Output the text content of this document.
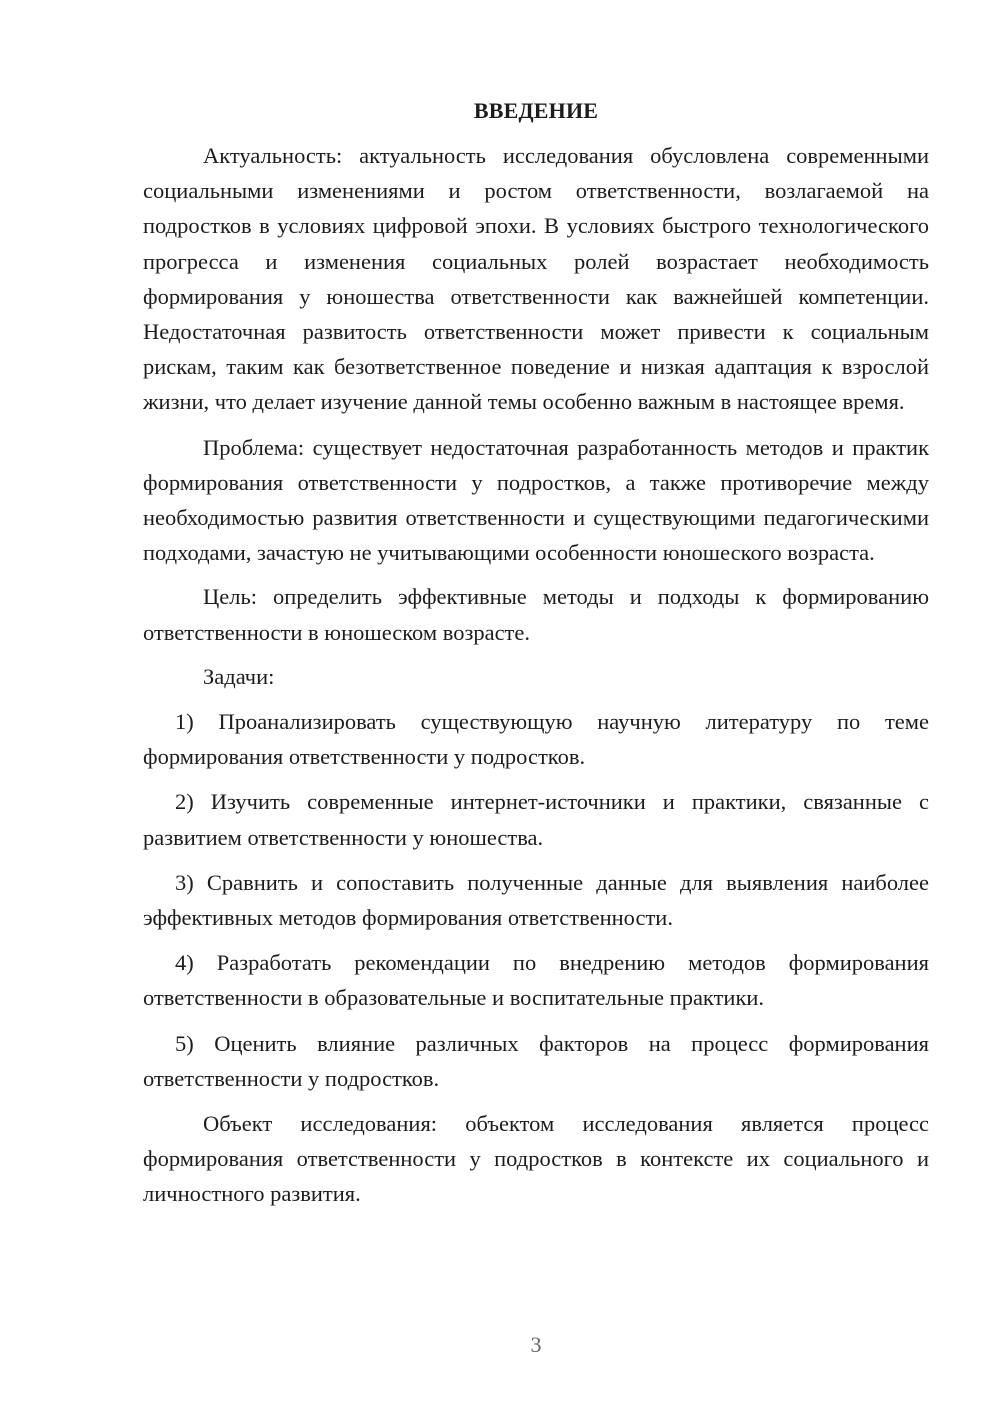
ВВЕДЕНИЕ

Актуальность: актуальность исследования обусловлена современными социальными изменениями и ростом ответственности, возлагаемой на подростков в условиях цифровой эпохи. В условиях быстрого технологического прогресса и изменения социальных ролей возрастает необходимость формирования у юношества ответственности как важнейшей компетенции. Недостаточная развитость ответственности может привести к социальным рискам, таким как безответственное поведение и низкая адаптация к взрослой жизни, что делает изучение данной темы особенно важным в настоящее время.

Проблема: существует недостаточная разработанность методов и практик формирования ответственности у подростков, а также противоречие между необходимостью развития ответственности и существующими педагогическими подходами, зачастую не учитывающими особенности юношеского возраста.

Цель: определить эффективные методы и подходы к формированию ответственности в юношеском возрасте.

Задачи:

1) Проанализировать существующую научную литературу по теме формирования ответственности у подростков.

2) Изучить современные интернет-источники и практики, связанные с развитием ответственности у юношества.

3) Сравнить и сопоставить полученные данные для выявления наиболее эффективных методов формирования ответственности.

4) Разработать рекомендации по внедрению методов формирования ответственности в образовательные и воспитательные практики.

5) Оценить влияние различных факторов на процесс формирования ответственности у подростков.

Объект исследования: объектом исследования является процесс формирования ответственности у подростков в контексте их социального и личностного развития.

3
